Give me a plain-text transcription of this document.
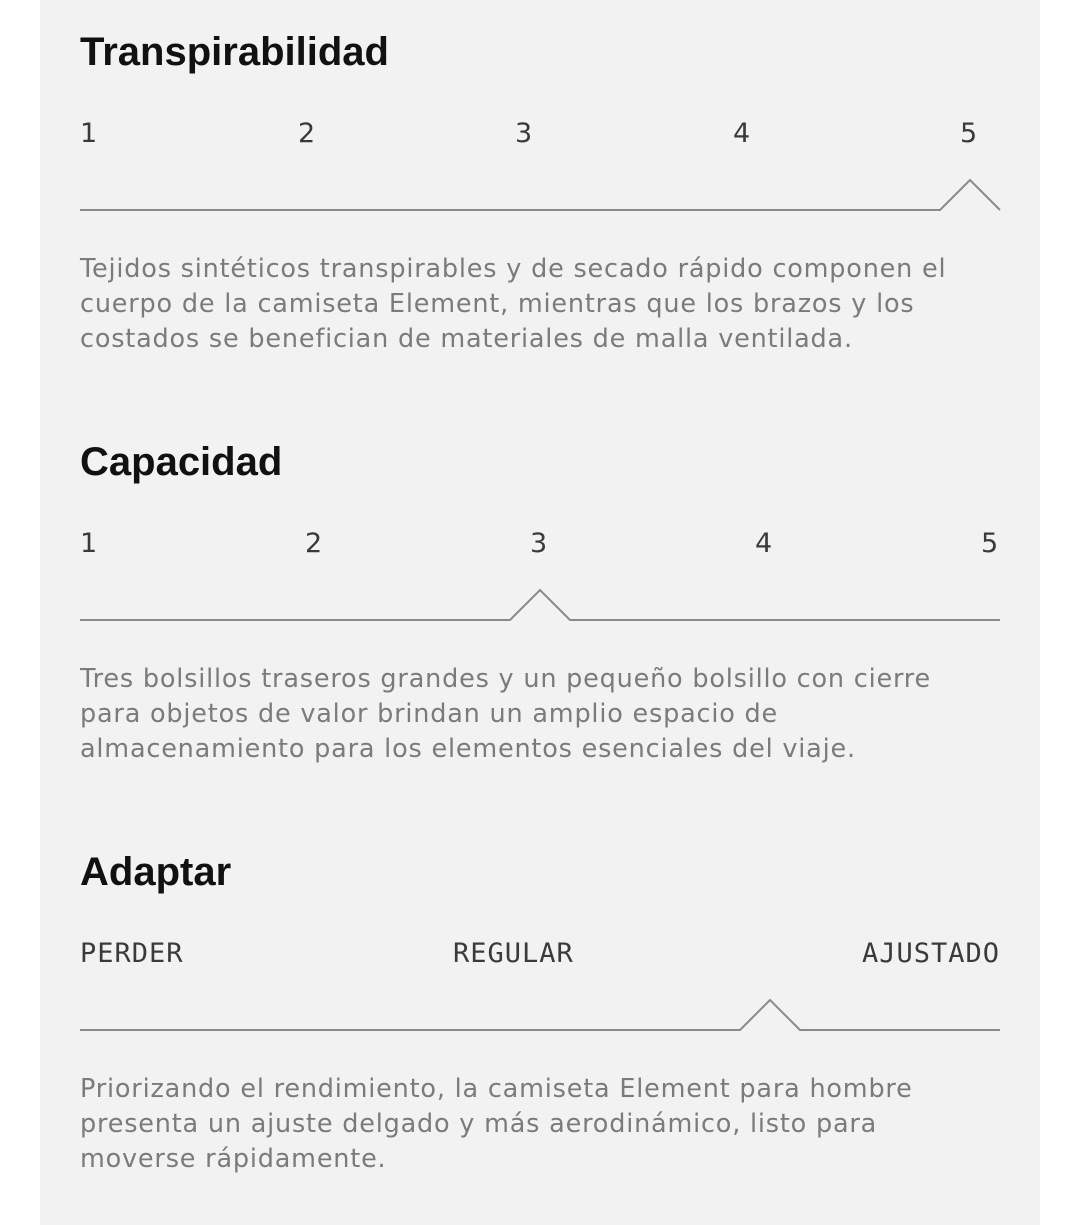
Transpirabilidad
1	2	3	4	5

Tejidos sintéticos transpirables y de secado rápido componen el cuerpo de la camiseta Element, mientras que los brazos y los costados se benefician de materiales de malla ventilada.

Capacidad
1	2	3	4	5

Tres bolsillos traseros grandes y un pequeño bolsillo con cierre para objetos de valor brindan un amplio espacio de almacenamiento para los elementos esenciales del viaje.

Adaptar
PERDER	REGULAR	AJUSTADO

Priorizando el rendimiento, la camiseta Element para hombre presenta un ajuste delgado y más aerodinámico, listo para moverse rápidamente.
